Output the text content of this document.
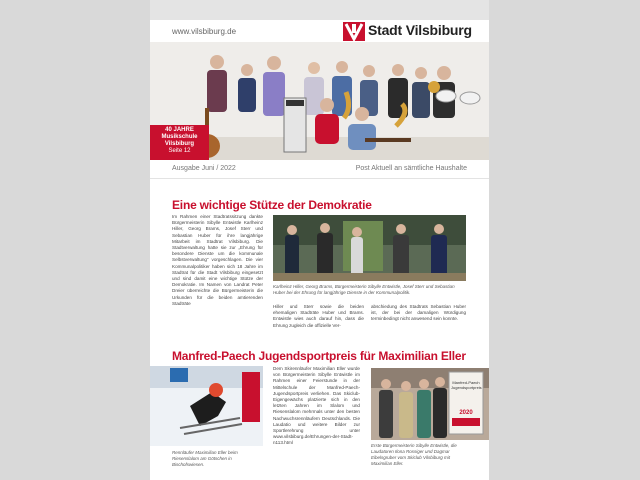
www.vilsbiburg.de	Stadt Vilsbiburg
40 JAHRE
Musikschule
Vilsbiburg
Seite 12
Ausgabe Juni / 2022	Post Aktuell an sämtliche Haushalte
Eine wichtige Stütze der Demokratie
Im Rahmen einer Stadtratssitzung dankte Bürgermeisterin Sibylle Entwistle Karlheinz Hiller, Georg Brams, Josef Sterr und Sebastian Huber für ihre langjährige Mitarbeit im Stadtrat Vilsbiburg. Die Stadtverwaltung hatte sie zur „Ehrung für besondere Dienste um die kommunale Selbstverwaltung“ vorgeschlagen. Die vier Kommunalpolitiker haben sich 18 Jahre im Stadtrat für die Stadt Vilsbiburg eingesetzt und sind damit eine wichtige Stütze der Demokratie. Im Namen von Landrat Peter Dreier überreichte die Bürgermeisterin die Urkunden für die beiden amtierenden Stadträte
Karlheinz Hiller, Georg Brams, Bürgermeisterin Sibylle Entwistle, Josef Sterr und Sebastian Huber bei der Ehrung für langjährige Dienste in der Kommunalpolitik.
Hiller und Sterr sowie die beiden ehemaligen Stadträte Huber und Brams. Entwistle wies auch darauf hin, dass die Ehrung zugleich die offizielle Ver-
abschiedung des Stadtrats Sebastian Huber ist, der bei der damaligen Würdigung terminbedingt nicht anwesend sein konnte.
Manfred-Paech Jugendsportpreis für Maximilian Eller
Rennläufer Maximilian Eller beim Riesenslalom am Götschen in Bischofswiesen.
Dem Skirennläufer Maximilian Eller wurde von Bürgermeisterin Sibylle Entwistle im Rahmen einer Feierstunde in der Mittelschule der Manfred-Paech-Jugendsportpreis verliehen. Das Skiclub-Eigengewächs platzierte sich in den letzten Jahren im Slalom und Riesenslalom mehrmals unter den besten Nachwuchsrennläufern Deutschlands. Die Laudatio und weitere Bilder zur Sportlerehrung unter www.vilsbiburg.de/Ehrungen-der-Stadt-n113.html
Manfred-Paech Jugendsportpreis
2020
Erste Bürgermeisterin Sibylle Entwistle, die Laudatoren Ilona Rossiger und Dagmar Eibelsgruber vom Skiclub Vilsbiburg mit Maximilian Eller.
